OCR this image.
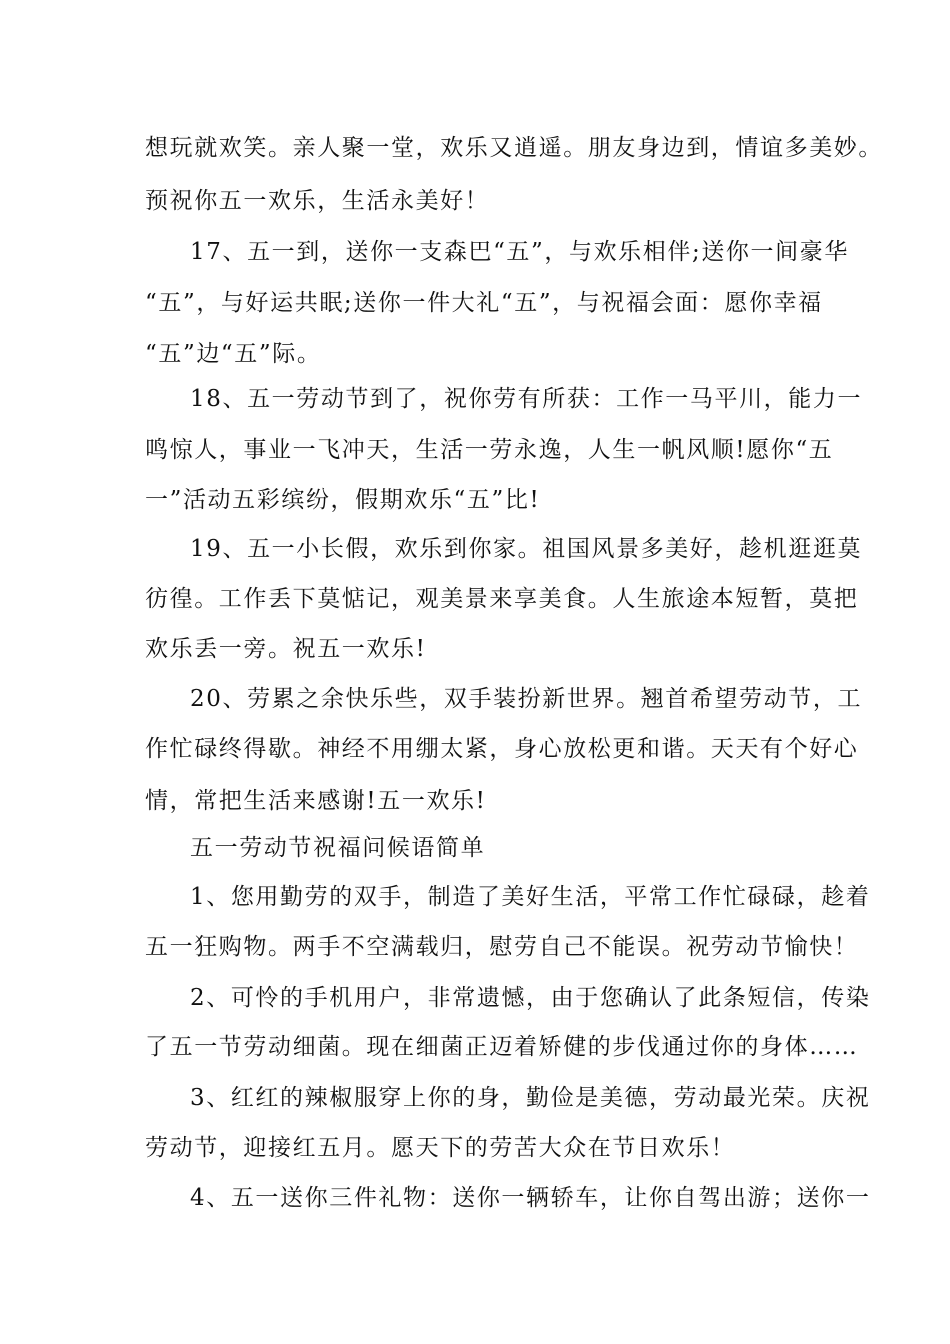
想玩就欢笑。亲人聚一堂，欢乐又逍遥。朋友身边到，情谊多美妙。
预祝你五一欢乐，生活永美好！
17、五一到，送你一支森巴“五”，与欢乐相伴;送你一间豪华
“五”，与好运共眠;送你一件大礼“五”，与祝福会面：愿你幸福
“五”边“五”际。
18、五一劳动节到了，祝你劳有所获：工作一马平川，能力一
鸣惊人，事业一飞冲天，生活一劳永逸，人生一帆风顺!愿你“五
一”活动五彩缤纷，假期欢乐“五”比!
19、五一小长假，欢乐到你家。祖国风景多美好，趁机逛逛莫
彷徨。工作丢下莫惦记，观美景来享美食。人生旅途本短暂，莫把
欢乐丢一旁。祝五一欢乐!
20、劳累之余快乐些，双手装扮新世界。翘首希望劳动节，工
作忙碌终得歇。神经不用绷太紧，身心放松更和谐。天天有个好心
情，常把生活来感谢!五一欢乐!
五一劳动节祝福问候语简单
1、您用勤劳的双手，制造了美好生活，平常工作忙碌碌，趁着
五一狂购物。两手不空满载归，慰劳自己不能误。祝劳动节愉快！
2、可怜的手机用户，非常遗憾，由于您确认了此条短信，传染
了五一节劳动细菌。现在细菌正迈着矫健的步伐通过你的身体……
3、红红的辣椒服穿上你的身，勤俭是美德，劳动最光荣。庆祝
劳动节，迎接红五月。愿天下的劳苦大众在节日欢乐！
4、五一送你三件礼物：送你一辆轿车，让你自驾出游；送你一
